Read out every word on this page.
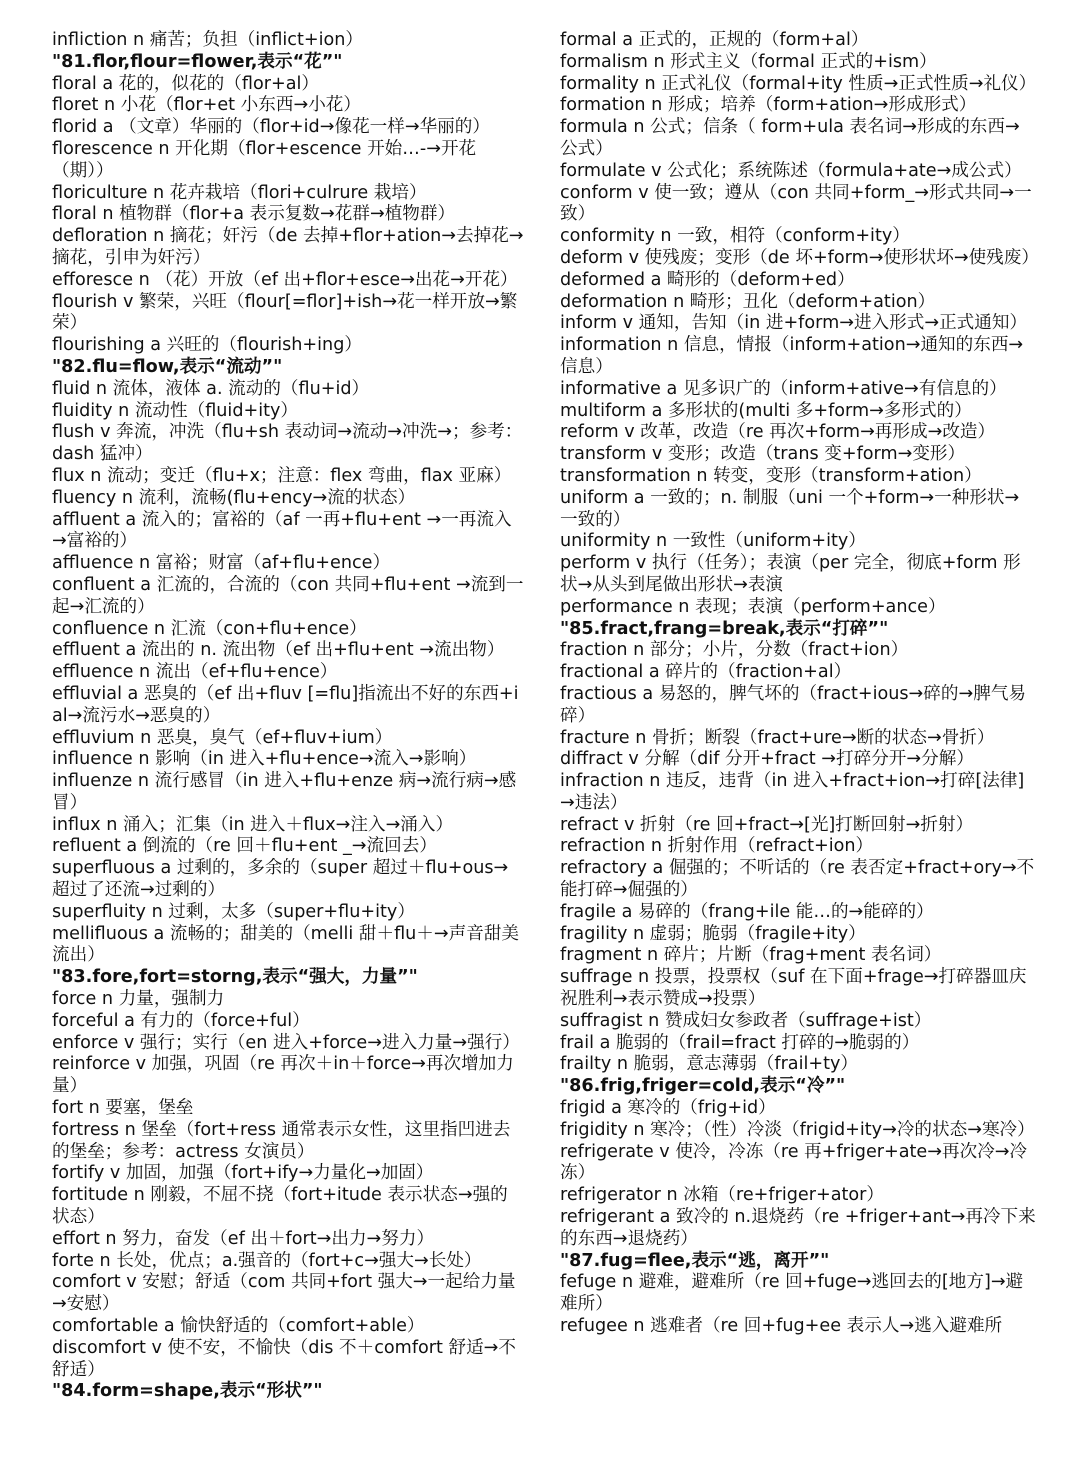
infliction n 痛苦；负担（inflict+ion）
"81.flor,flour=flower,表示“花”"
floral a 花的，似花的（flor+al）
floret n 小花（flor+et 小东西→小花）
florid a （文章）华丽的（flor+id→像花一样→华丽的）
florescence n 开化期（flor+escence 开始…-→开花（期））
floriculture n 花卉栽培（flori+culrure 栽培）
floral n 植物群（flor+a 表示复数→花群→植物群）
defloration n 摘花；奸污（de 去掉+flor+ation→去掉花→摘花，引申为奸污）
efforesce n （花）开放（ef 出+flor+esce→出花→开花）
flourish v 繁荣，兴旺（flour[=flor]+ish→花一样开放→繁荣）
flourishing a 兴旺的（flourish+ing）
"82.flu=flow,表示“流动”"
fluid n 流体，液体 a. 流动的（flu+id）
fluidity n 流动性（fluid+ity）
flush v 奔流，冲洗（flu+sh 表动词→流动→冲洗→；参考：dash 猛冲）
flux n 流动；变迁（flu+x；注意：flex 弯曲，flax 亚麻）
fluency n 流利，流畅(flu+ency→流的状态）
affluent a 流入的；富裕的（af 一再+flu+ent →一再流入→富裕的）
affluence n 富裕；财富（af+flu+ence）
confluent a 汇流的，合流的（con 共同+flu+ent →流到一起→汇流的）
confluence n 汇流（con+flu+ence）
effluent a 流出的 n. 流出物（ef 出+flu+ent →流出物）
effluence n 流出（ef+flu+ence）
effluvial a 恶臭的（ef 出+fluv [=flu]指流出不好的东西+ial→流污水→恶臭的）
effluvium n 恶臭，臭气（ef+fluv+ium）
influence n 影响（in 进入+flu+ence→流入→影响）
influenze n 流行感冒（in 进入+flu+enze 病→流行病→感冒）
influx n 涌入；汇集（in 进入＋flux→注入→涌入）
refluent a 倒流的（re 回＋flu+ent _→流回去）
superfluous a 过剩的，多余的（super 超过＋flu+ous→超过了还流→过剩的）
superfluity n 过剩，太多（super+flu+ity）
mellifluous a 流畅的；甜美的（melli 甜＋flu＋→声音甜美流出）
"83.fore,fort=storng,表示“强大，力量”"
force n 力量，强制力
forceful a 有力的（force+ful）
enforce v 强行；实行（en 进入+force→进入力量→强行）
reinforce v 加强，巩固（re 再次＋in＋force→再次增加力量）
fort n 要塞，堡垒
fortress n 堡垒（fort+ress 通常表示女性，这里指凹进去的堡垒；参考：actress 女演员）
fortify v 加固，加强（fort+ify→力量化→加固）
fortitude n 刚毅，不屈不挠（fort+itude 表示状态→强的状态）
effort n 努力，奋发（ef 出＋fort→出力→努力）
forte n 长处，优点；a.强音的（fort+c→强大→长处）
comfort v 安慰；舒适（com 共同+fort 强大→一起给力量→安慰）
comfortable a 愉快舒适的（comfort+able）
discomfort v 使不安，不愉快（dis 不＋comfort 舒适→不舒适）
"84.form=shape,表示“形状”"
formal a 正式的，正规的（form+al）
formalism n 形式主义（formal 正式的+ism）
formality n 正式礼仪（formal+ity 性质→正式性质→礼仪）
formation n 形成；培养（form+ation→形成形式）
formula n 公式；信条（ form+ula 表名词→形成的东西→公式）
formulate v 公式化；系统陈述（formula+ate→成公式）
conform v 使一致；遵从（con 共同+form_→形式共同→一致）
conformity n 一致，相符（conform+ity）
deform v 使残废；变形（de 坏+form→使形状坏→使残废）
deformed a 畸形的（deform+ed）
deformation n 畸形；丑化（deform+ation）
inform v 通知，告知（in 进+form→进入形式→正式通知）
information n 信息，情报（inform+ation→通知的东西→信息）
informative a 见多识广的（inform+ative→有信息的）
multiform a 多形状的(multi 多+form→多形式的）
reform v 改革，改造（re 再次+form→再形成→改造）
transform v 变形；改造（trans 变+form→变形）
transformation n 转变，变形（transform+ation）
uniform a 一致的；n. 制服（uni 一个+form→一种形状→一致的）
uniformity n 一致性（uniform+ity）
perform v 执行（任务）；表演（per 完全，彻底+form 形状→从头到尾做出形状→表演
performance n 表现；表演（perform+ance）
"85.fract,frang=break,表示“打碎”"
fraction n 部分；小片，分数（fract+ion）
fractional a 碎片的（fraction+al）
fractious a 易怒的，脾气坏的（fract+ious→碎的→脾气易碎）
fracture n 骨折；断裂（fract+ure→断的状态→骨折）
diffract v 分解（dif 分开+fract →打碎分开→分解）
infraction n 违反，违背（in 进入+fract+ion→打碎[法律]→违法）
refract v 折射（re 回+fract→[光]打断回射→折射）
refraction n 折射作用（refract+ion）
refractory a 倔强的；不听话的（re 表否定+fract+ory→不能打碎→倔强的）
fragile a 易碎的（frang+ile 能…的→能碎的）
fragility n 虚弱；脆弱（fragile+ity）
fragment n 碎片；片断（frag+ment 表名词）
suffrage n 投票，投票权（suf 在下面+frage→打碎器皿庆祝胜利→表示赞成→投票）
suffragist n 赞成妇女参政者（suffrage+ist）
frail a 脆弱的（frail=fract 打碎的→脆弱的）
frailty n 脆弱，意志薄弱（frail+ty）
"86.frig,friger=cold,表示“冷”"
frigid a 寒冷的（frig+id）
frigidity n 寒冷；（性）冷淡（frigid+ity→冷的状态→寒冷）
refrigerate v 使冷，冷冻（re 再+friger+ate→再次冷→冷冻）
refrigerator n 冰箱（re+friger+ator）
refrigerant a 致冷的 n.退烧药（re +friger+ant→再冷下来的东西→退烧药）
"87.fug=flee,表示“逃，离开”"
fefuge n 避难，避难所（re 回+fuge→逃回去的[地方]→避难所）
refugee n 逃难者（re 回+fug+ee 表示人→逃入避难所
